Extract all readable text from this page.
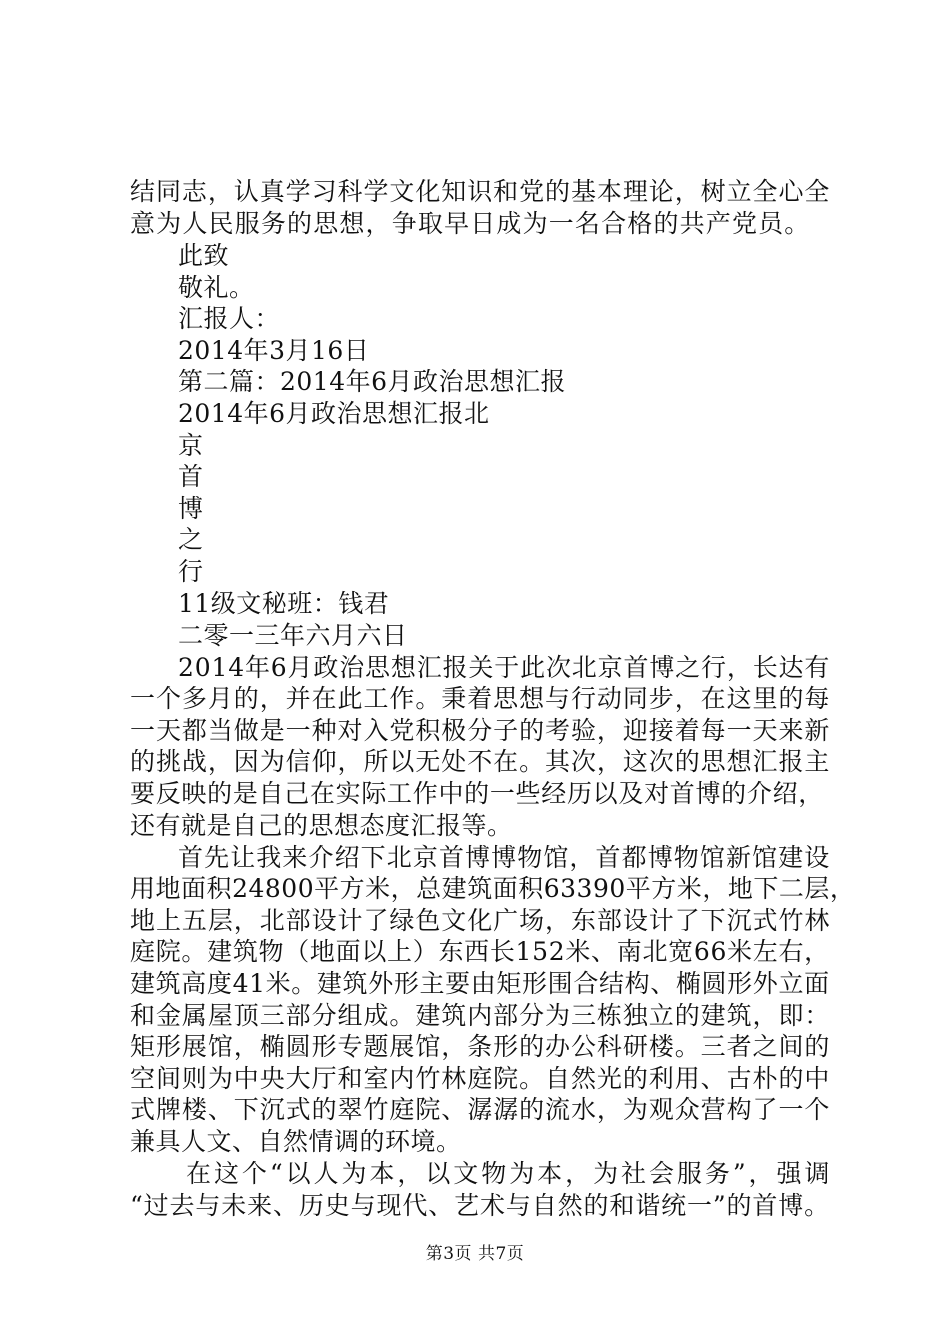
结 同 志 ， 认 真 学 习 科 学 文 化 知 识 和 党 的 基 本 理 论 ， 树 立 全 心 全
意 为 人 民 服 务 的 思 想 ， 争 取 早 日 成 为 一 名 合 格 的 共 产 党 员 。
此致
敬礼。
汇报人：
2014年3月16日
第二篇：2014年6月政治思想汇报
2014年6月政治思想汇报北
京
首
博
之
行
11级文秘班：钱君
二零一三年六月六日
2 0 1 4 年 6 月 政 治 思 想 汇 报 关 于 此 次 北 京 首 博 之 行 ， 长 达 有
一 个 多 月 的 ， 并 在 此 工 作 。 秉 着 思 想 与 行 动 同 步 ， 在 这 里 的 每
一 天 都 当 做 是 一 种 对 入 党 积 极 分 子 的 考 验 ， 迎 接 着 每 一 天 来 新
的 挑 战 ， 因 为 信 仰 ， 所 以 无 处 不 在 。 其 次 ， 这 次 的 思 想 汇 报 主
要 反 映 的 是 自 己 在 实 际 工 作 中 的 一 些 经 历 以 及 对 首 博 的 介 绍 ，
还有就是自己的思想态度汇报等。
首 先 让 我 来 介 绍 下 北 京 首 博 博 物 馆 ， 首 都 博 物 馆 新 馆 建 设
用 地 面 积 2 4 8 0 0 平 方 米 ， 总 建 筑 面 积 6 3 3 9 0 平 方 米 ， 地 下 二 层 ，
地 上 五 层 ， 北 部 设 计 了 绿 色 文 化 广 场 ， 东 部 设 计 了 下 沉 式 竹 林
庭 院 。 建 筑 物 （ 地 面 以 上 ） 东 西 长 1 5 2 米 、 南 北 宽 6 6 米 左 右 ，
建 筑 高 度 4 1 米 。 建 筑 外 形 主 要 由 矩 形 围 合 结 构 、 椭 圆 形 外 立 面
和 金 属 屋 顶 三 部 分 组 成 。 建 筑 内 部 分 为 三 栋 独 立 的 建 筑 ， 即 ：
矩 形 展 馆 ， 椭 圆 形 专 题 展 馆 ， 条 形 的 办 公 科 研 楼 。 三 者 之 间 的
空 间 则 为 中 央 大 厅 和 室 内 竹 林 庭 院 。 自 然 光 的 利 用 、 古 朴 的 中
式 牌 楼 、 下 沉 式 的 翠 竹 庭 院 、 潺 潺 的 流 水 ， 为 观 众 营 构 了 一 个
兼具人文、自然情调的环境。
在 这 个 “ 以 人 为 本 ， 以 文 物 为 本 ， 为 社 会 服 务 ” ， 强 调
“ 过 去 与 未 来 、 历 史 与 现 代 、 艺 术 与 自 然 的 和 谐 统 一 ” 的 首 博 。
第3页 共7页
